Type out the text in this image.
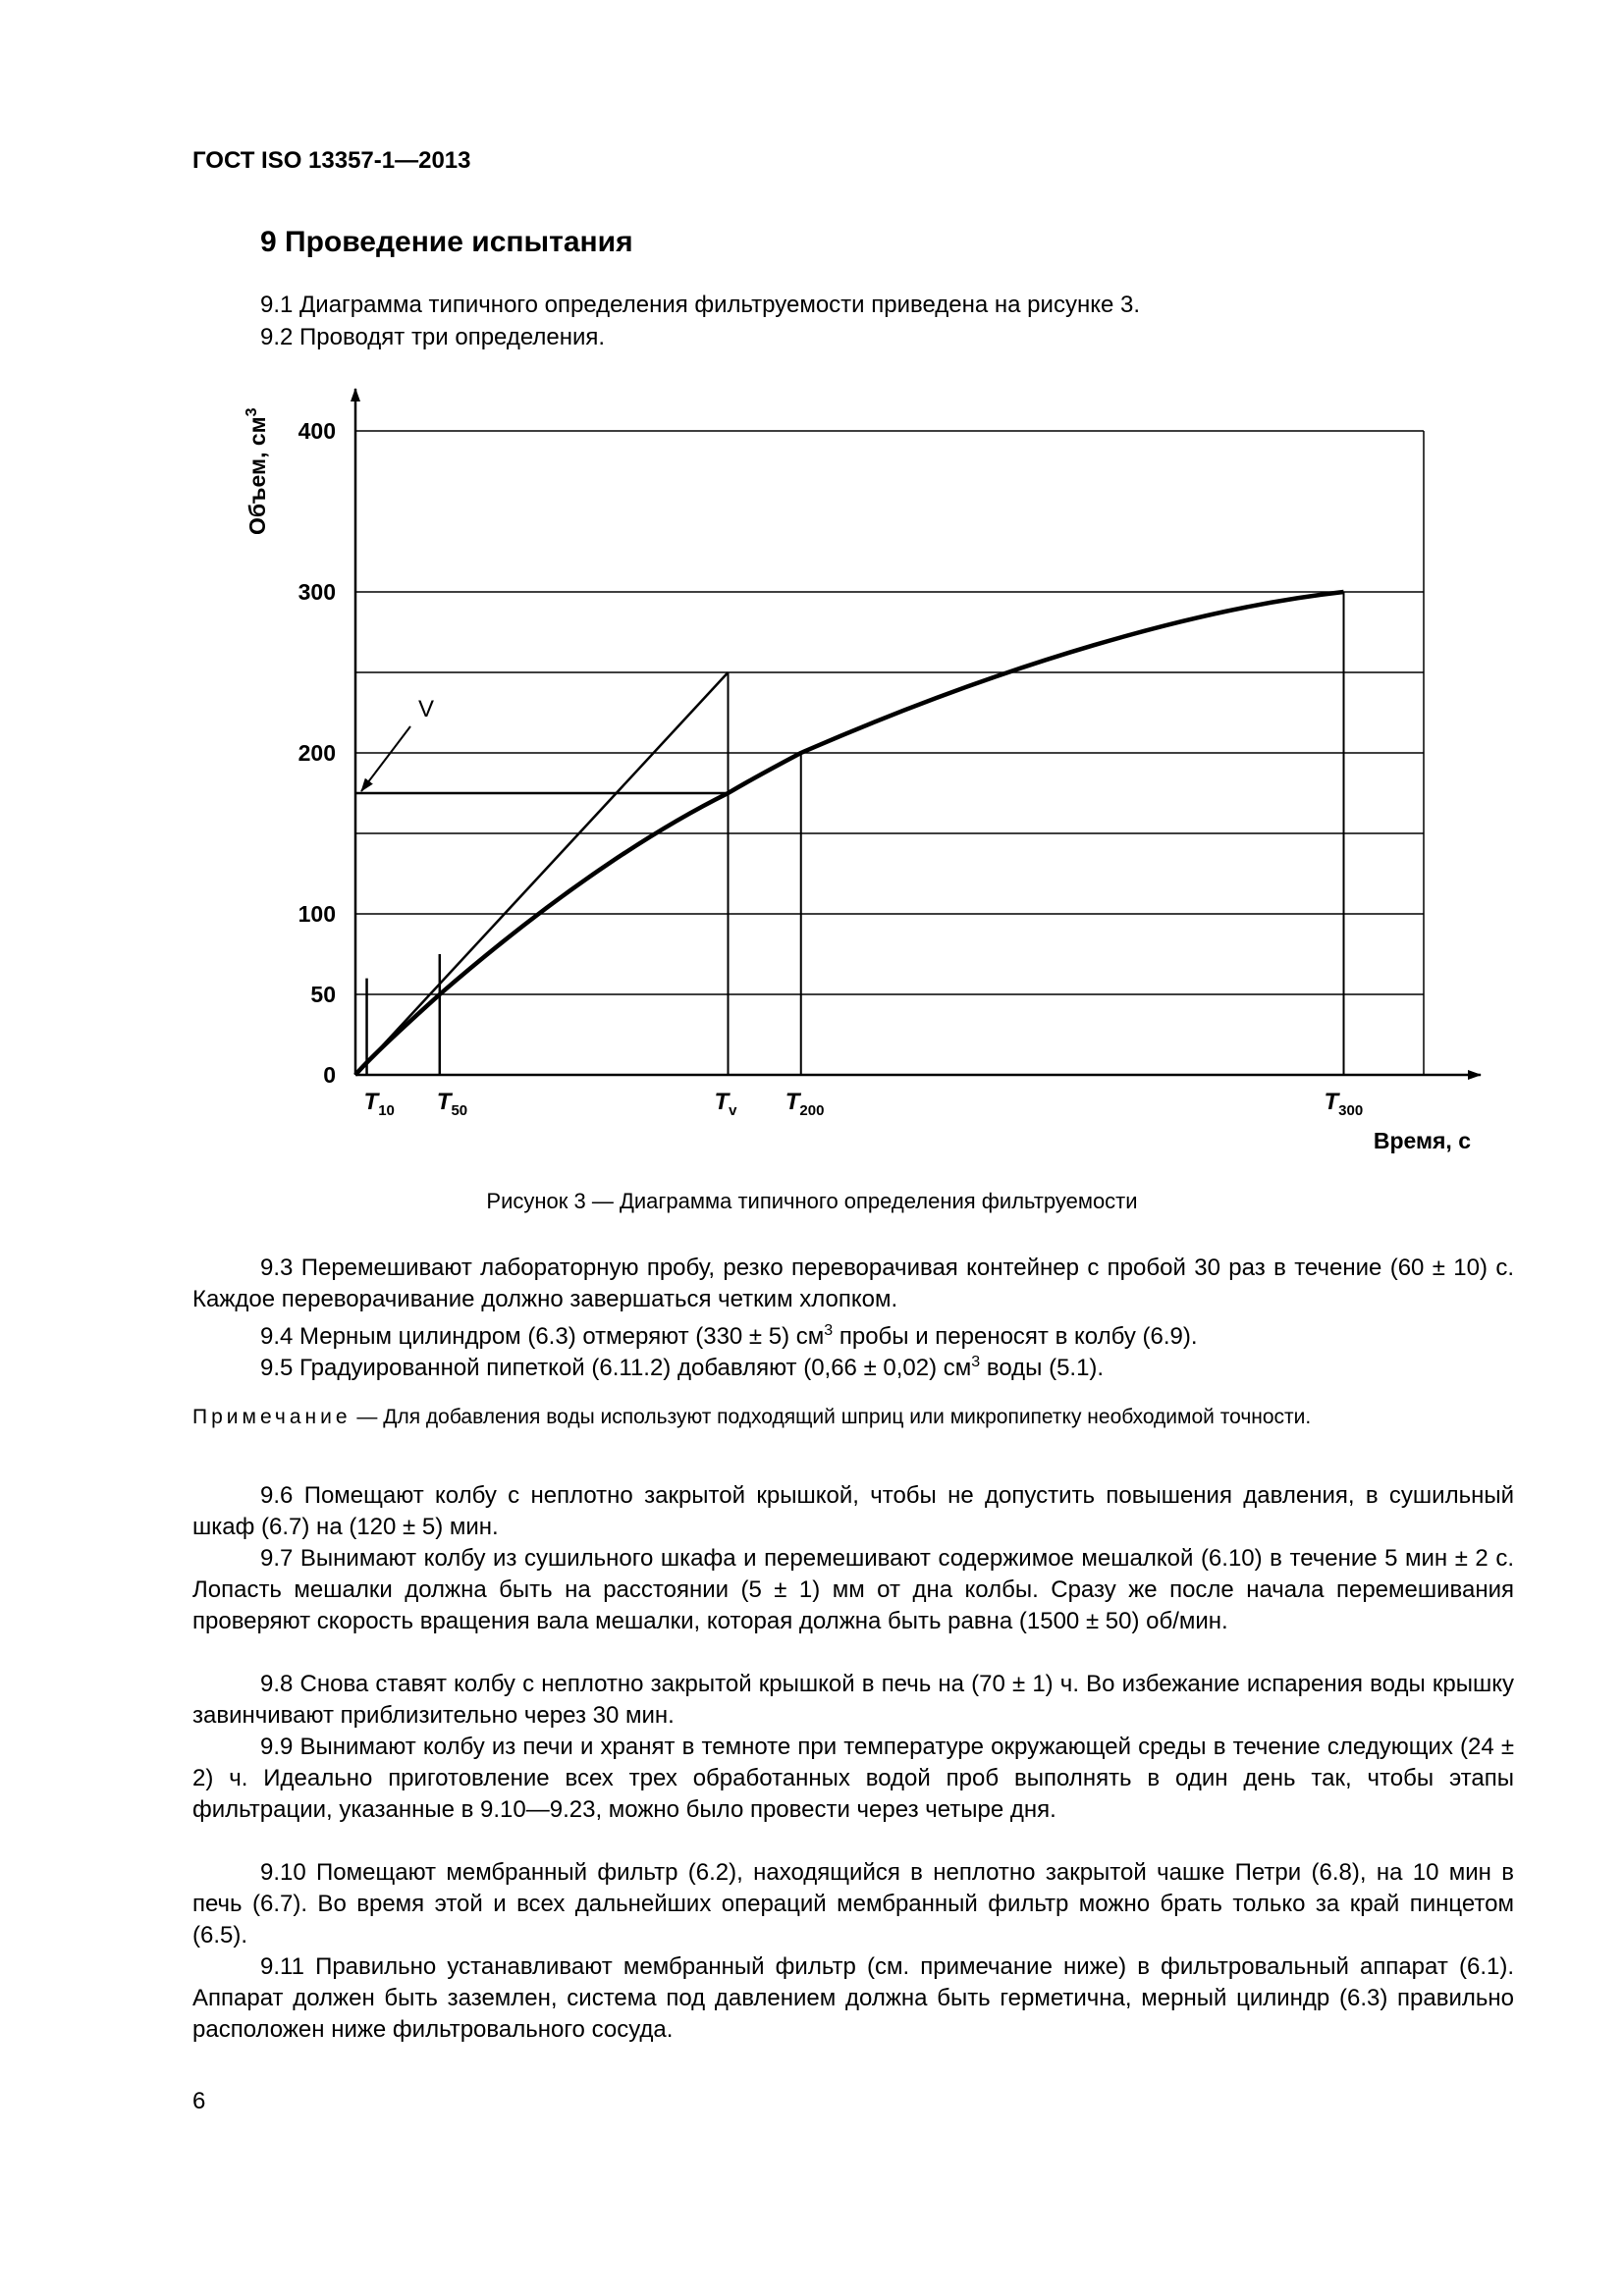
ГОСТ ISO 13357-1—2013
9 Проведение испытания
9.1 Диаграмма типичного определения фильтруемости приведена на рисунке 3.
9.2 Проводят три определения.
0
50
100
200
300
400
Объем, $см^3$
Время, с
V
$T_{10}$ $T_{50}$	$T_v$ $T_{200}$	$T_{300}$
Рисунок 3 — Диаграмма типичного определения фильтруемости
9.3 Перемешивают лабораторную пробу, резко переворачивая контейнер с пробой 30 раз в течение (60 ± 10) с. Каждое переворачивание должно завершаться четким хлопком.
9.4 Мерным цилиндром (6.3) отмеряют (330 ± 5) $см^3$ пробы и переносят в колбу (6.9).
9.5 Градуированной пипеткой (6.11.2) добавляют (0,66 ± 0,02) $см^3$ воды (5.1).
Примечание — Для добавления воды используют подходящий шприц или микропипетку необходимой точности.
9.6 Помещают колбу с неплотно закрытой крышкой, чтобы не допустить повышения давления, в сушильный шкаф (6.7) на (120 ± 5) мин.
9.7 Вынимают колбу из сушильного шкафа и перемешивают содержимое мешалкой (6.10) в течение 5 мин ± 2 с. Лопасть мешалки должна быть на расстоянии (5 ± 1) мм от дна колбы. Сразу же после начала перемешивания проверяют скорость вращения вала мешалки, которая должна быть равна (1500 ± 50) об/мин.
9.8 Снова ставят колбу с неплотно закрытой крышкой в печь на (70 ± 1) ч. Во избежание испарения воды крышку завинчивают приблизительно через 30 мин.
9.9 Вынимают колбу из печи и хранят в темноте при температуре окружающей среды в течение следующих (24 ± 2) ч. Идеально приготовление всех трех обработанных водой проб выполнять в один день так, чтобы этапы фильтрации, указанные в 9.10—9.23, можно было провести через четыре дня.
9.10 Помещают мембранный фильтр (6.2), находящийся в неплотно закрытой чашке Петри (6.8), на 10 мин в печь (6.7). Во время этой и всех дальнейших операций мембранный фильтр можно брать только за край пинцетом (6.5).
9.11 Правильно устанавливают мембранный фильтр (см. примечание ниже) в фильтровальный аппарат (6.1). Аппарат должен быть заземлен, система под давлением должна быть герметична, мерный цилиндр (6.3) правильно расположен ниже фильтровального сосуда.
6
